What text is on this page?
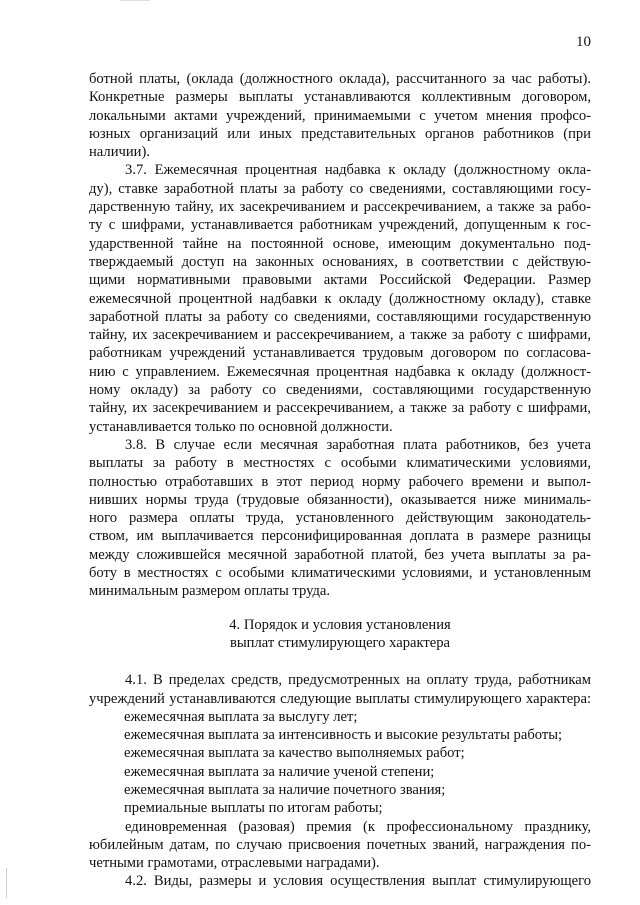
10
ботной платы, (оклада (должностного оклада), рассчитанного за час работы).
Конкретные размеры выплаты устанавливаются коллективным договором,
локальными актами учреждений, принимаемыми с учетом мнения профсо-
юзных организаций или иных представительных органов работников (при
наличии).
3.7. Ежемесячная процентная надбавка к окладу (должностному окла-
ду), ставке заработной платы за работу со сведениями, составляющими госу-
дарственную тайну, их засекречиванием и рассекречиванием, а также за рабо-
ту с шифрами, устанавливается работникам учреждений, допущенным к гос-
ударственной тайне на постоянной основе, имеющим документально под-
тверждаемый доступ на законных основаниях, в соответствии с действую-
щими нормативными правовыми актами Российской Федерации. Размер
ежемесячной процентной надбавки к окладу (должностному окладу), ставке
заработной платы за работу со сведениями, составляющими государственную
тайну, их засекречиванием и рассекречиванием, а также за работу с шифрами,
работникам учреждений устанавливается трудовым договором по согласова-
нию с управлением. Ежемесячная процентная надбавка к окладу (должност-
ному окладу) за работу со сведениями, составляющими государственную
тайну, их засекречиванием и рассекречиванием, а также за работу с шифрами,
устанавливается только по основной должности.
3.8. В случае если месячная заработная плата работников, без учета
выплаты за работу в местностях с особыми климатическими условиями,
полностью отработавших в этот период норму рабочего времени и выпол-
нивших нормы труда (трудовые обязанности), оказывается ниже минималь-
ного размера оплаты труда, установленного действующим законодатель-
ством, им выплачивается персонифицированная доплата в размере разницы
между сложившейся месячной заработной платой, без учета выплаты за ра-
боту в местностях с особыми климатическими условиями, и установленным
минимальным размером оплаты труда.
4. Порядок и условия установления
выплат стимулирующего характера
4.1. В пределах средств, предусмотренных на оплату труда, работникам
учреждений устанавливаются следующие выплаты стимулирующего характера:
ежемесячная выплата за выслугу лет;
ежемесячная выплата за интенсивность и высокие результаты работы;
ежемесячная выплата за качество выполняемых работ;
ежемесячная выплата за наличие ученой степени;
ежемесячная выплата за наличие почетного звания;
премиальные выплаты по итогам работы;
единовременная (разовая) премия (к профессиональному празднику,
юбилейным датам, по случаю присвоения почетных званий, награждения по-
четными грамотами, отраслевыми наградами).
4.2. Виды, размеры и условия осуществления выплат стимулирующего
